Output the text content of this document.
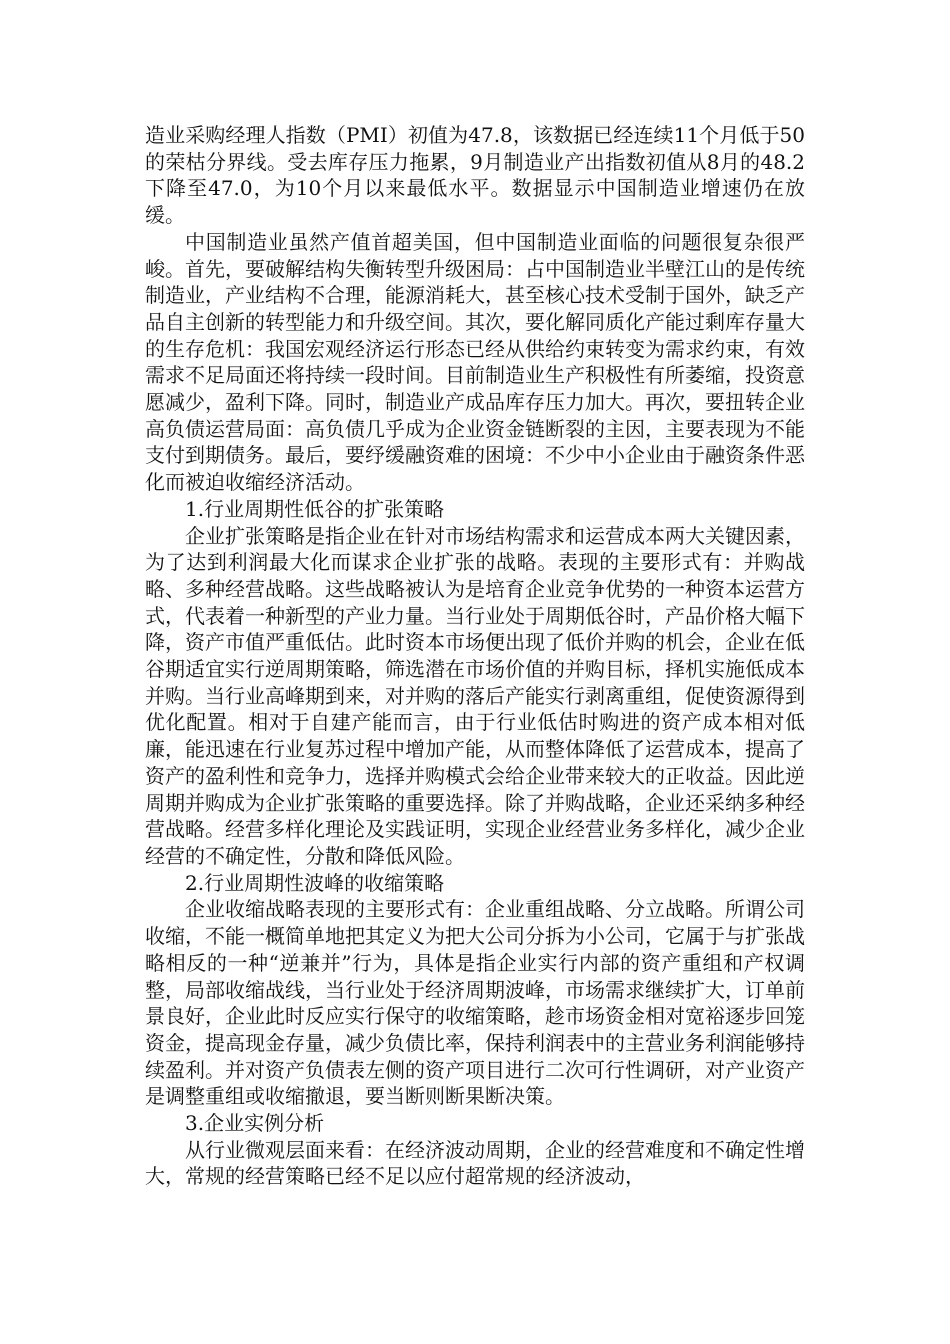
造业采购经理人指数（PMI）初值为47.8，该数据已经连续11个月低于50的荣枯分界线。受去库存压力拖累，9月制造业产出指数初值从8月的48.2下降至47.0，为10个月以来最低水平。数据显示中国制造业增速仍在放缓。

中国制造业虽然产值首超美国，但中国制造业面临的问题很复杂很严峻。首先，要破解结构失衡转型升级困局：占中国制造业半壁江山的是传统制造业，产业结构不合理，能源消耗大，甚至核心技术受制于国外，缺乏产品自主创新的转型能力和升级空间。其次，要化解同质化产能过剩库存量大的生存危机：我国宏观经济运行形态已经从供给约束转变为需求约束，有效需求不足局面还将持续一段时间。目前制造业生产积极性有所萎缩，投资意愿减少，盈利下降。同时，制造业产成品库存压力加大。再次，要扭转企业高负债运营局面：高负债几乎成为企业资金链断裂的主因，主要表现为不能支付到期债务。最后，要纾缓融资难的困境：不少中小企业由于融资条件恶化而被迫收缩经济活动。

1.行业周期性低谷的扩张策略

企业扩张策略是指企业在针对市场结构需求和运营成本两大关键因素，为了达到利润最大化而谋求企业扩张的战略。表现的主要形式有：并购战略、多种经营战略。这些战略被认为是培育企业竞争优势的一种资本运营方式，代表着一种新型的产业力量。当行业处于周期低谷时，产品价格大幅下降，资产市值严重低估。此时资本市场便出现了低价并购的机会，企业在低谷期适宜实行逆周期策略，筛选潜在市场价值的并购目标，择机实施低成本并购。当行业高峰期到来，对并购的落后产能实行剥离重组，促使资源得到优化配置。相对于自建产能而言，由于行业低估时购进的资产成本相对低廉，能迅速在行业复苏过程中增加产能，从而整体降低了运营成本，提高了资产的盈利性和竞争力，选择并购模式会给企业带来较大的正收益。因此逆周期并购成为企业扩张策略的重要选择。除了并购战略，企业还采纳多种经营战略。经营多样化理论及实践证明，实现企业经营业务多样化，减少企业经营的不确定性，分散和降低风险。

2.行业周期性波峰的收缩策略

企业收缩战略表现的主要形式有：企业重组战略、分立战略。所谓公司收缩，不能一概简单地把其定义为把大公司分拆为小公司，它属于与扩张战略相反的一种“逆兼并”行为，具体是指企业实行内部的资产重组和产权调整，局部收缩战线，当行业处于经济周期波峰，市场需求继续扩大，订单前景良好，企业此时反应实行保守的收缩策略，趁市场资金相对宽裕逐步回笼资金，提高现金存量，减少负债比率，保持利润表中的主营业务利润能够持续盈利。并对资产负债表左侧的资产项目进行二次可行性调研，对产业资产是调整重组或收缩撤退，要当断则断果断决策。

3.企业实例分析

从行业微观层面来看：在经济波动周期，企业的经营难度和不确定性增大，常规的经营策略已经不足以应付超常规的经济波动，
